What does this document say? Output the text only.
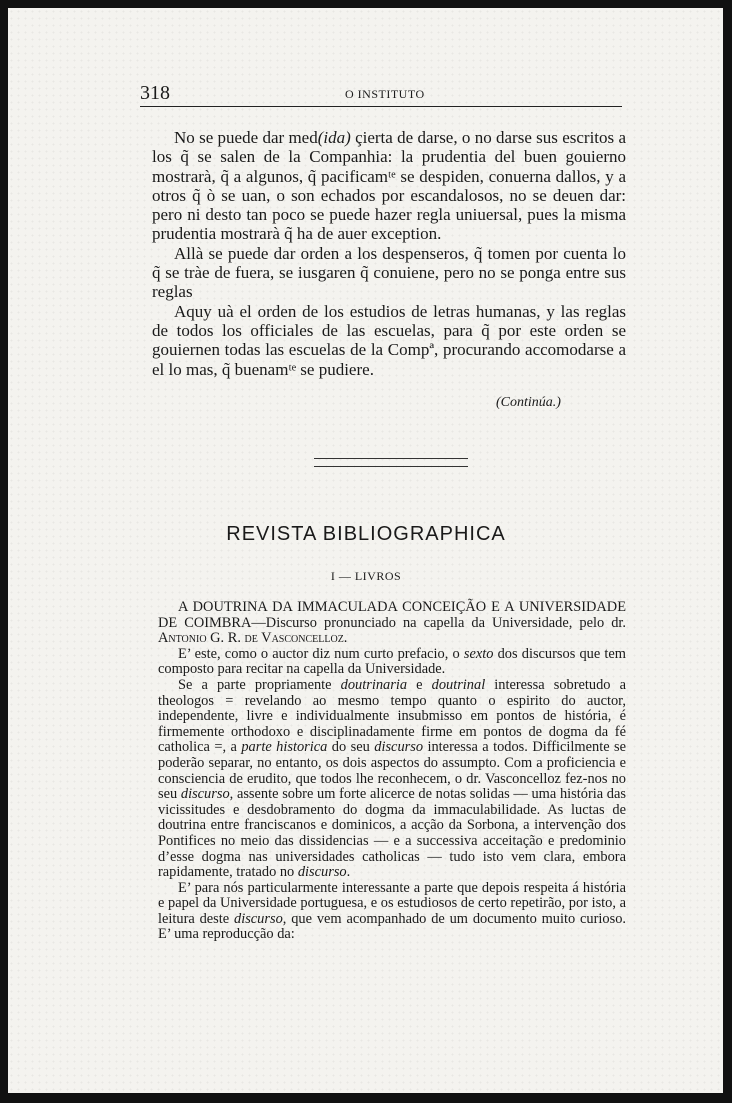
318	O INSTITUTO

No se puede dar med(ida) çierta de darse, o no darse sus escritos a los q̃ se salen de la Companhia: la prudentia del buen gouierno mostrarà, q̃ a algunos, q̃ pacificamᵗᵉ se despiden, conuerna dallos, y a otros q̃ ò se uan, o son echados por escandalosos, no se deuen dar: pero ni desto tan poco se puede hazer regla uniuersal, pues la misma prudentia mostrarà q̃ ha de auer exception.

Allà se puede dar orden a los despenseros, q̃ tomen por cuenta lo q̃ se tràe de fuera, se iusgaren q̃ conuiene, pero no se ponga entre sus reglas

Aquy uà el orden de los estudios de letras humanas, y las reglas de todos los officiales de las escuelas, para q̃ por este orden se gouiernen todas las escuelas de la Compª, procurando accomodarse a el lo mas, q̃ buenamᵗᵉ se pudiere.

(Continúa.)
REVISTA BIBLIOGRAPHICA
I — LIVROS

A DOUTRINA DA IMMACULADA CONCEIÇÃO E A UNIVERSIDADE DE COIMBRA—Discurso pronunciado na capella da Universidade, pelo dr. Antonio G. R. de Vasconcelloz.

E’ este, como o auctor diz num curto prefacio, o sexto dos discursos que tem composto para recitar na capella da Universidade.

Se a parte propriamente doutrinaria e doutrinal interessa sobretudo a theologos = revelando ao mesmo tempo quanto o espirito do auctor, independente, livre e individualmente insubmisso em pontos de história, é firmemente orthodoxo e disciplinadamente firme em pontos de dogma da fé catholica =, a parte historica do seu discurso interessa a todos. Difficilmente se poderão separar, no entanto, os dois aspectos do assumpto. Com a proficiencia e consciencia de erudito, que todos lhe reconhecem, o dr. Vasconcelloz fez-nos no seu discurso, assente sobre um forte alicerce de notas solidas — uma história das vicissitudes e desdobramento do dogma da immaculabilidade. As luctas de doutrina entre franciscanos e dominicos, a acção da Sorbona, a intervenção dos Pontifices no meio das dissidencias — e a successiva acceitação e predominio d’esse dogma nas universidades catholicas — tudo isto vem clara, embora rapidamente, tratado no discurso.

E’ para nós particularmente interessante a parte que depois respeita á história e papel da Universidade portuguesa, e os estudiosos de certo repetirão, por isto, a leitura deste discurso, que vem acompanhado de um documento muito curioso. E’ uma reproducção da:
